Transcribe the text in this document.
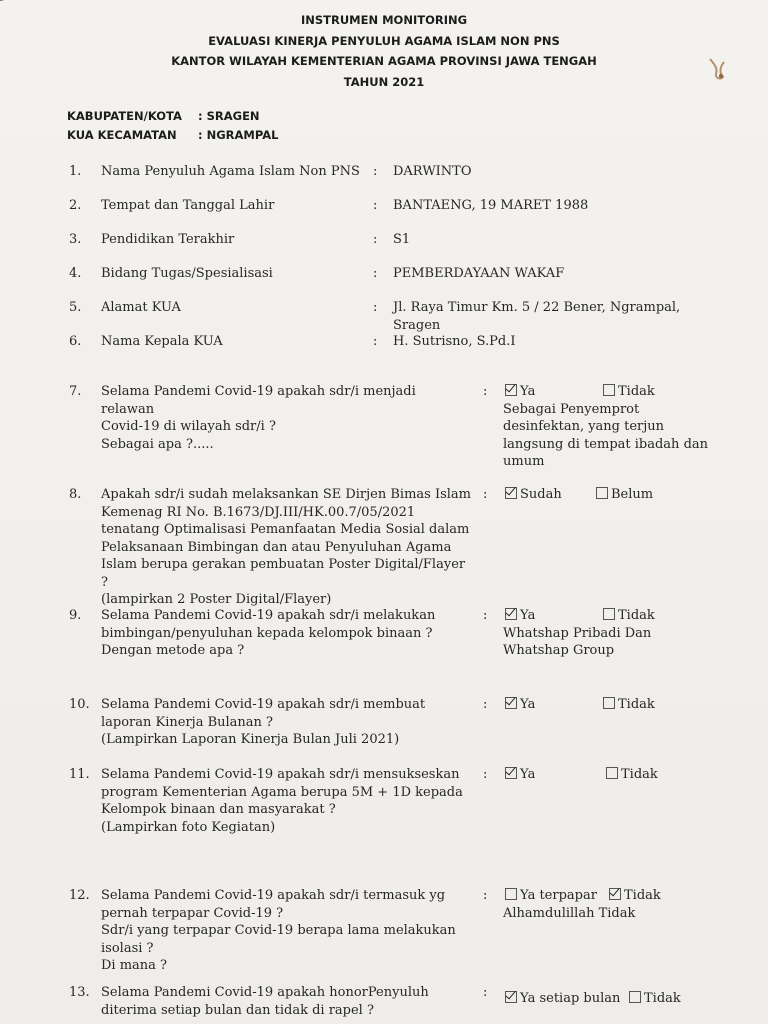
INSTRUMEN MONITORING
EVALUASI KINERJA PENYULUH AGAMA ISLAM NON PNS
KANTOR WILAYAH KEMENTERIAN AGAMA PROVINSI JAWA TENGAH
TAHUN 2021
KABUPATEN/KOTA : SRAGEN
KUA KECAMATAN : NGRAMPAL
1. Nama Penyuluh Agama Islam Non PNS	: DARWINTO
2. Tempat dan Tanggal Lahir	: BANTAENG, 19 MARET 1988
3. Pendidikan Terakhir	: S1
4. Bidang Tugas/Spesialisasi	: PEMBERDAYAAN WAKAF
5. Alamat KUA	: Jl. Raya Timur Km. 5 / 22 Bener, Ngrampal,
Sragen
6. Nama Kepala KUA	: H. Sutrisno, S.Pd.I
7. Selama Pandemi Covid-19 apakah sdr/i menjadi relawan
Covid-19 di wilayah sdr/i ?
Sebagai apa ?.....
:	Ya	Tidak
Sebagai Penyemprot
desinfektan, yang terjun
langsung di tempat ibadah dan
umum
8. Apakah sdr/i sudah melaksankan SE Dirjen Bimas Islam
Kemenag RI No. B.1673/DJ.III/HK.00.7/05/2021
tenatang Optimalisasi Pemanfaatan Media Sosial dalam
Pelaksanaan Bimbingan dan atau Penyuluhan Agama
Islam berupa gerakan pembuatan Poster Digital/Flayer ?
(lampirkan 2 Poster Digital/Flayer)
:	Sudah	Belum
9. Selama Pandemi Covid-19 apakah sdr/i melakukan
bimbingan/penyuluhan kepada kelompok binaan ?
Dengan metode apa ?
:	Ya	Tidak
Whatshap Pribadi Dan
Whatshap Group
10. Selama Pandemi Covid-19 apakah sdr/i membuat
laporan Kinerja Bulanan ?
(Lampirkan Laporan Kinerja Bulan Juli 2021)
:	Ya	Tidak
11. Selama Pandemi Covid-19 apakah sdr/i mensukseskan
program Kementerian Agama berupa 5M + 1D kepada
Kelompok binaan dan masyarakat ?
(Lampirkan foto Kegiatan)
:	Ya	Tidak
12. Selama Pandemi Covid-19 apakah sdr/i termasuk yg
pernah terpapar Covid-19 ?
Sdr/i yang terpapar Covid-19 berapa lama melakukan
isolasi ?
Di mana ?
:	Ya terpapar	Tidak
Alhamdulillah Tidak
13. Selama Pandemi Covid-19 apakah honorPenyuluh
diterima setiap bulan dan tidak di rapel ?
:	Ya setiap bulan	Tidak
